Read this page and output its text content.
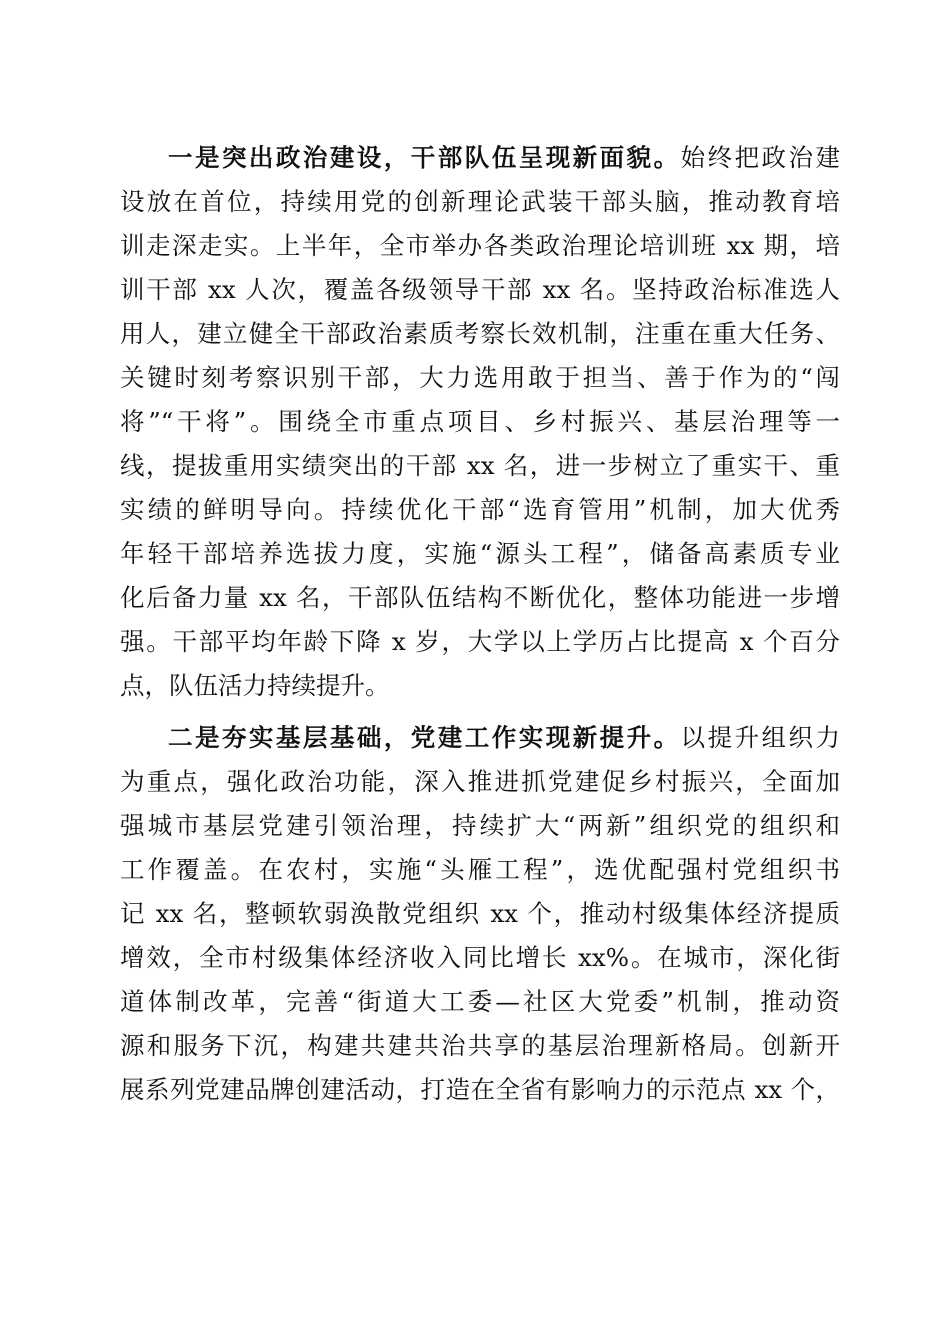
一是突出政治建设，干部队伍呈现新面貌。始终把政治建
设放在首位，持续用党的创新理论武装干部头脑，推动教育培
训走深走实。上半年，全市举办各类政治理论培训班 xx 期，培
训干部 xx 人次，覆盖各级领导干部 xx 名。坚持政治标准选人
用人，建立健全干部政治素质考察长效机制，注重在重大任务、
关键时刻考察识别干部，大力选用敢于担当、善于作为的“闯
将”“干将”。围绕全市重点项目、乡村振兴、基层治理等一
线，提拔重用实绩突出的干部 xx 名，进一步树立了重实干、重
实绩的鲜明导向。持续优化干部“选育管用”机制，加大优秀
年轻干部培养选拔力度，实施“源头工程”，储备高素质专业
化后备力量 xx 名，干部队伍结构不断优化，整体功能进一步增
强。干部平均年龄下降 x 岁，大学以上学历占比提高 x 个百分
点，队伍活力持续提升。
二是夯实基层基础，党建工作实现新提升。以提升组织力
为重点，强化政治功能，深入推进抓党建促乡村振兴，全面加
强城市基层党建引领治理，持续扩大“两新”组织党的组织和
工作覆盖。在农村，实施“头雁工程”，选优配强村党组织书
记 xx 名，整顿软弱涣散党组织 xx 个，推动村级集体经济提质
增效，全市村级集体经济收入同比增长 xx%。在城市，深化街
道体制改革，完善“街道大工委—社区大党委”机制，推动资
源和服务下沉，构建共建共治共享的基层治理新格局。创新开
展系列党建品牌创建活动，打造在全省有影响力的示范点 xx 个，
